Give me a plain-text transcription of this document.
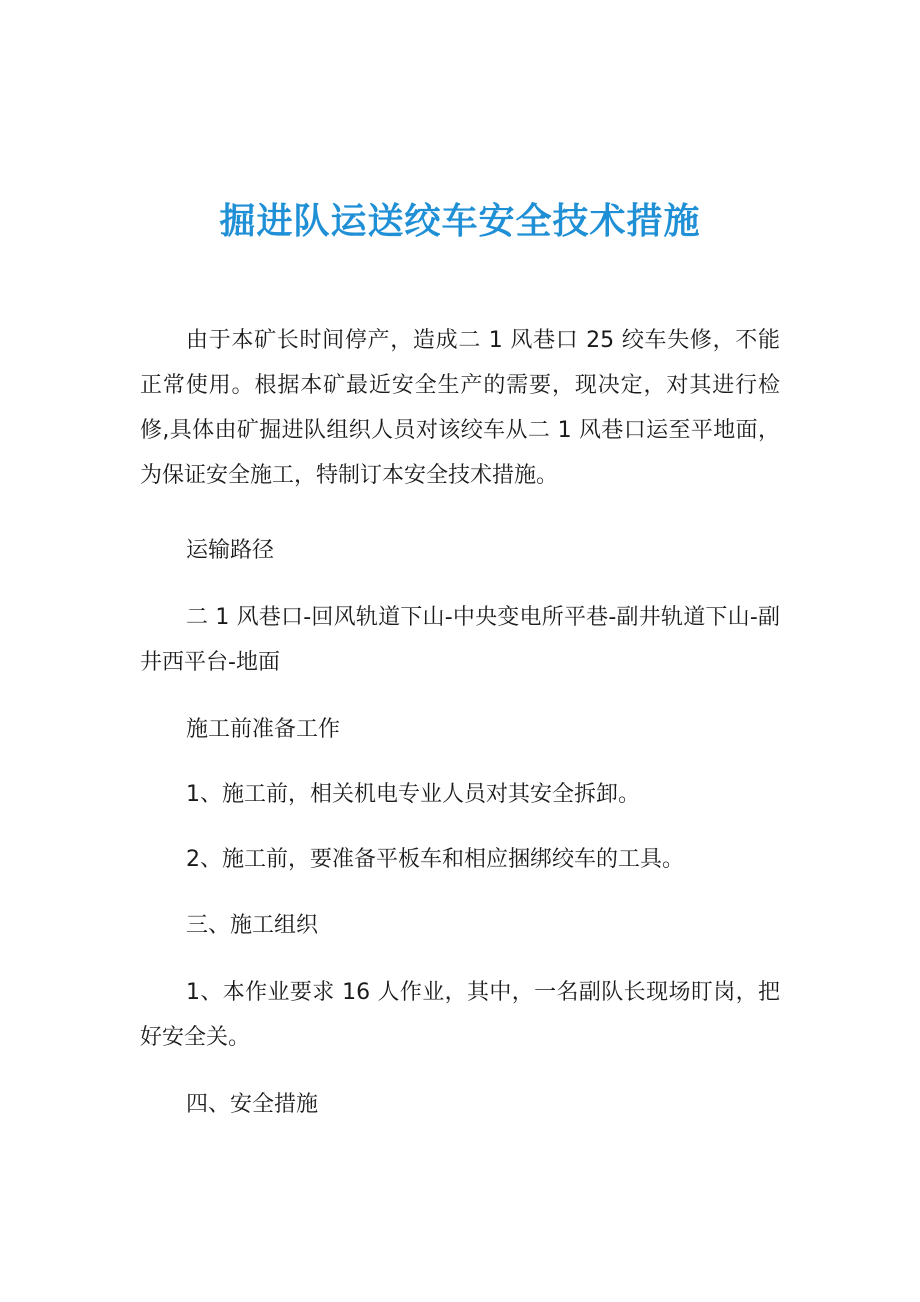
掘进队运送绞车安全技术措施

由于本矿长时间停产，造成二 1 风巷口 25 绞车失修，不能正常使用。根据本矿最近安全生产的需要，现决定，对其进行检修,具体由矿掘进队组织人员对该绞车从二 1 风巷口运至平地面，为保证安全施工，特制订本安全技术措施。

运输路径

二 1 风巷口-回风轨道下山-中央变电所平巷-副井轨道下山-副井西平台-地面

施工前准备工作

1、施工前，相关机电专业人员对其安全拆卸。

2、施工前，要准备平板车和相应捆绑绞车的工具。

三、施工组织

1、本作业要求 16 人作业，其中，一名副队长现场盯岗，把好安全关。

四、安全措施
